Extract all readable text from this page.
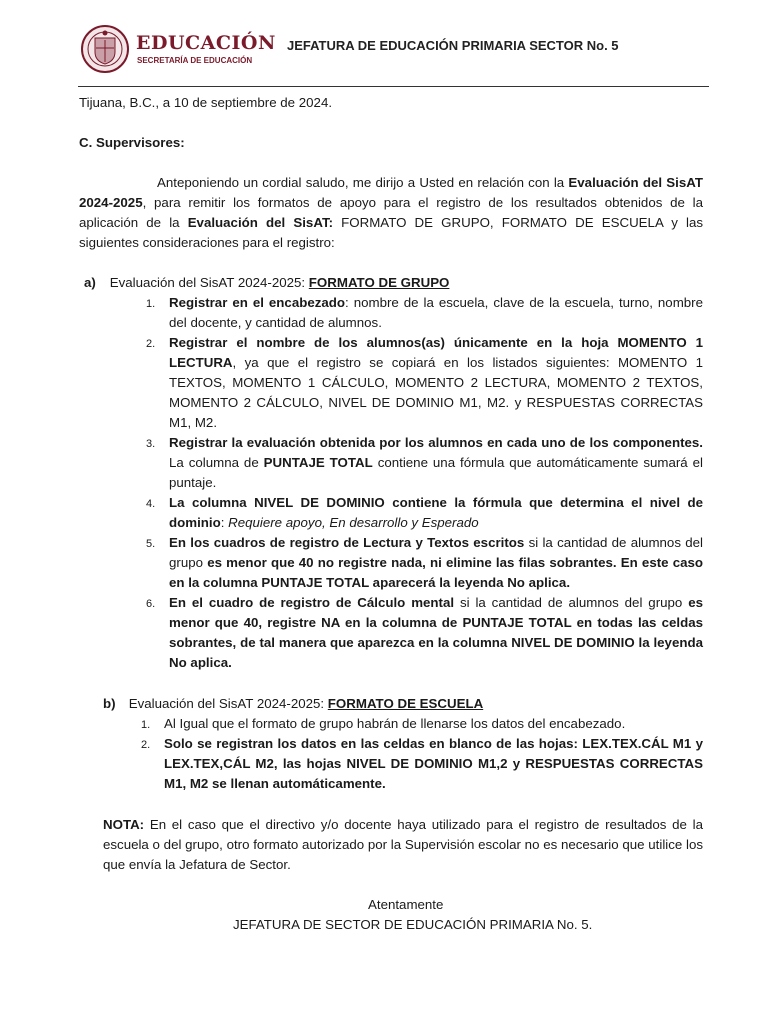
EDUCACIÓN
SECRETARÍA DE EDUCACIÓN
JEFATURA DE EDUCACIÓN PRIMARIA SECTOR No. 5
Tijuana, B.C., a 10 de septiembre de 2024.
C. Supervisores:
Anteponiendo un cordial saludo, me dirijo a Usted en relación con la Evaluación del SisAT 2024-2025, para remitir los formatos de apoyo para el registro de los resultados obtenidos de la aplicación de la Evaluación del SisAT: FORMATO DE GRUPO, FORMATO DE ESCUELA y las siguientes consideraciones para el registro:
a) Evaluación del SisAT 2024-2025: FORMATO DE GRUPO
1. Registrar en el encabezado: nombre de la escuela, clave de la escuela, turno, nombre del docente, y cantidad de alumnos.
2. Registrar el nombre de los alumnos(as) únicamente en la hoja MOMENTO 1 LECTURA, ya que el registro se copiará en los listados siguientes: MOMENTO 1 TEXTOS, MOMENTO 1 CÁLCULO, MOMENTO 2 LECTURA, MOMENTO 2 TEXTOS, MOMENTO 2 CÁLCULO, NIVEL DE DOMINIO M1, M2. y RESPUESTAS CORRECTAS M1, M2.
3. Registrar la evaluación obtenida por los alumnos en cada uno de los componentes. La columna de PUNTAJE TOTAL contiene una fórmula que automáticamente sumará el puntaje.
4. La columna NIVEL DE DOMINIO contiene la fórmula que determina el nivel de dominio: Requiere apoyo, En desarrollo y Esperado
5. En los cuadros de registro de Lectura y Textos escritos si la cantidad de alumnos del grupo es menor que 40 no registre nada, ni elimine las filas sobrantes. En este caso en la columna PUNTAJE TOTAL aparecerá la leyenda No aplica.
6. En el cuadro de registro de Cálculo mental si la cantidad de alumnos del grupo es menor que 40, registre NA en la columna de PUNTAJE TOTAL en todas las celdas sobrantes, de tal manera que aparezca en la columna NIVEL DE DOMINIO la leyenda No aplica.
b) Evaluación del SisAT 2024-2025: FORMATO DE ESCUELA
1. Al Igual que el formato de grupo habrán de llenarse los datos del encabezado.
2. Solo se registran los datos en las celdas en blanco de las hojas: LEX.TEX.CÁL M1 y LEX.TEX,CÁL M2, las hojas NIVEL DE DOMINIO M1,2 y RESPUESTAS CORRECTAS M1, M2 se llenan automáticamente.
NOTA: En el caso que el directivo y/o docente haya utilizado para el registro de resultados de la escuela o del grupo, otro formato autorizado por la Supervisión escolar no es necesario que utilice los que envía la Jefatura de Sector.
Atentamente
JEFATURA DE SECTOR DE EDUCACIÓN PRIMARIA No. 5.
